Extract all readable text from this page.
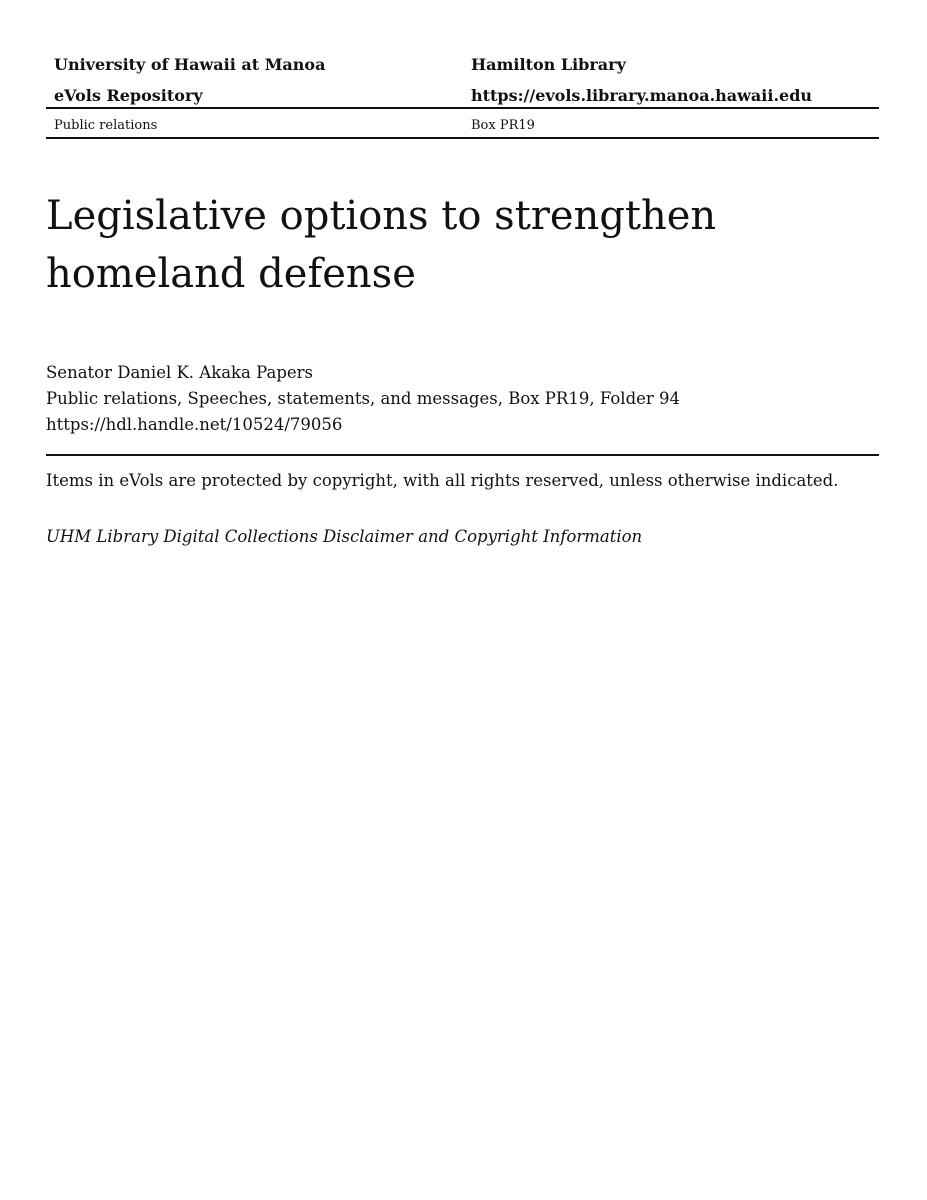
University of Hawaii at Manoa	Hamilton Library
eVols Repository	https://evols.library.manoa.hawaii.edu
Public relations	Box PR19
Legislative options to strengthen homeland defense
Senator Daniel K. Akaka Papers
Public relations, Speeches, statements, and messages, Box PR19, Folder 94
https://hdl.handle.net/10524/79056
Items in eVols are protected by copyright, with all rights reserved, unless otherwise indicated.
UHM Library Digital Collections Disclaimer and Copyright Information
